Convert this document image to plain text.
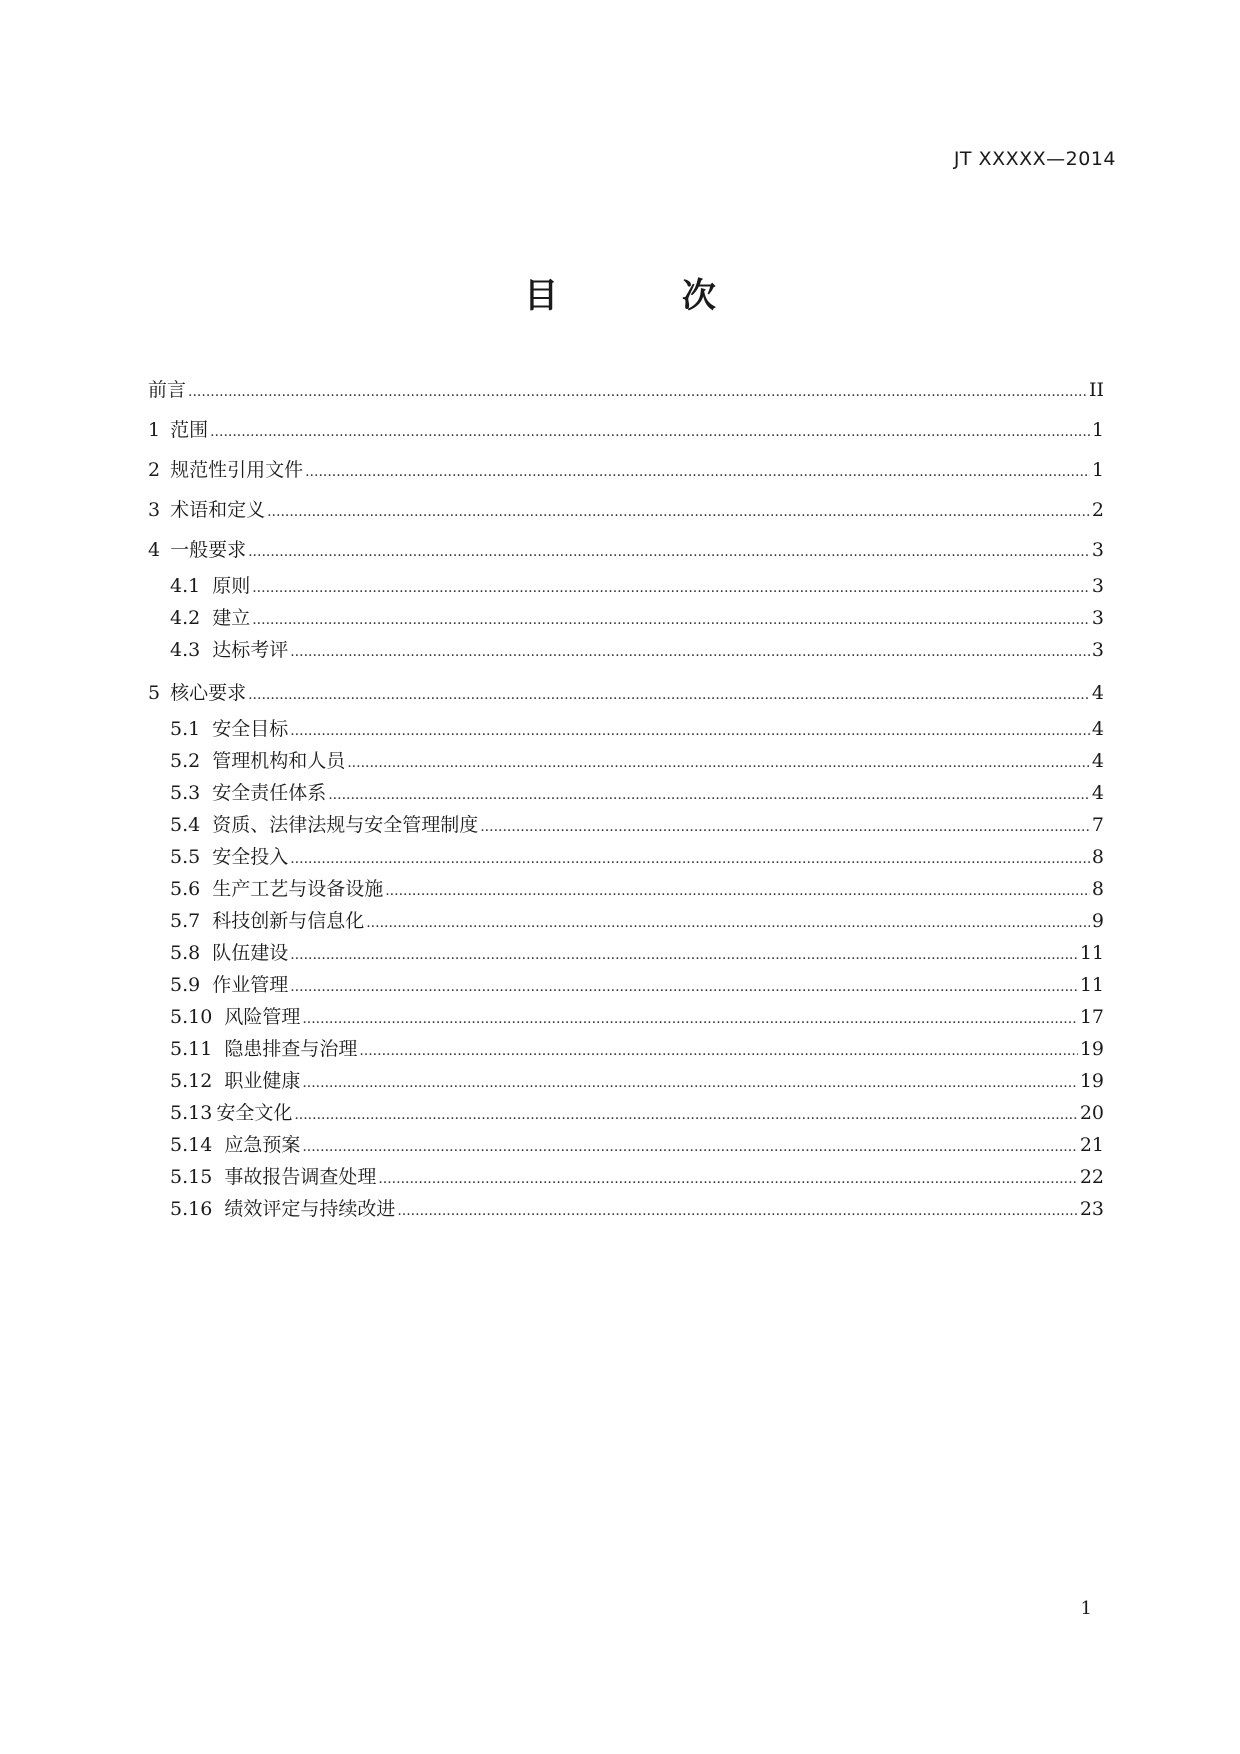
JT XXXXX—2014
目 次
前言 .....	II
1 范围 .....	1
2 规范性引用文件 .....	1
3 术语和定义 .....	2
4 一般要求 .....	3
4.1 原则 .....	3
4.2 建立 .....	3
4.3 达标考评 .....	3
5 核心要求 .....	4
5.1 安全目标 .....	4
5.2 管理机构和人员 .....	4
5.3 安全责任体系 .....	4
5.4 资质、法律法规与安全管理制度 .....	7
5.5 安全投入 .....	8
5.6 生产工艺与设备设施 .....	8
5.7 科技创新与信息化 .....	9
5.8 队伍建设 .....	11
5.9 作业管理 .....	11
5.10 风险管理 .....	17
5.11 隐患排查与治理 .....	19
5.12 职业健康 .....	19
5.13 安全文化 .....	20
5.14 应急预案 .....	21
5.15 事故报告调查处理 .....	22
5.16 绩效评定与持续改进 .....	23
1
